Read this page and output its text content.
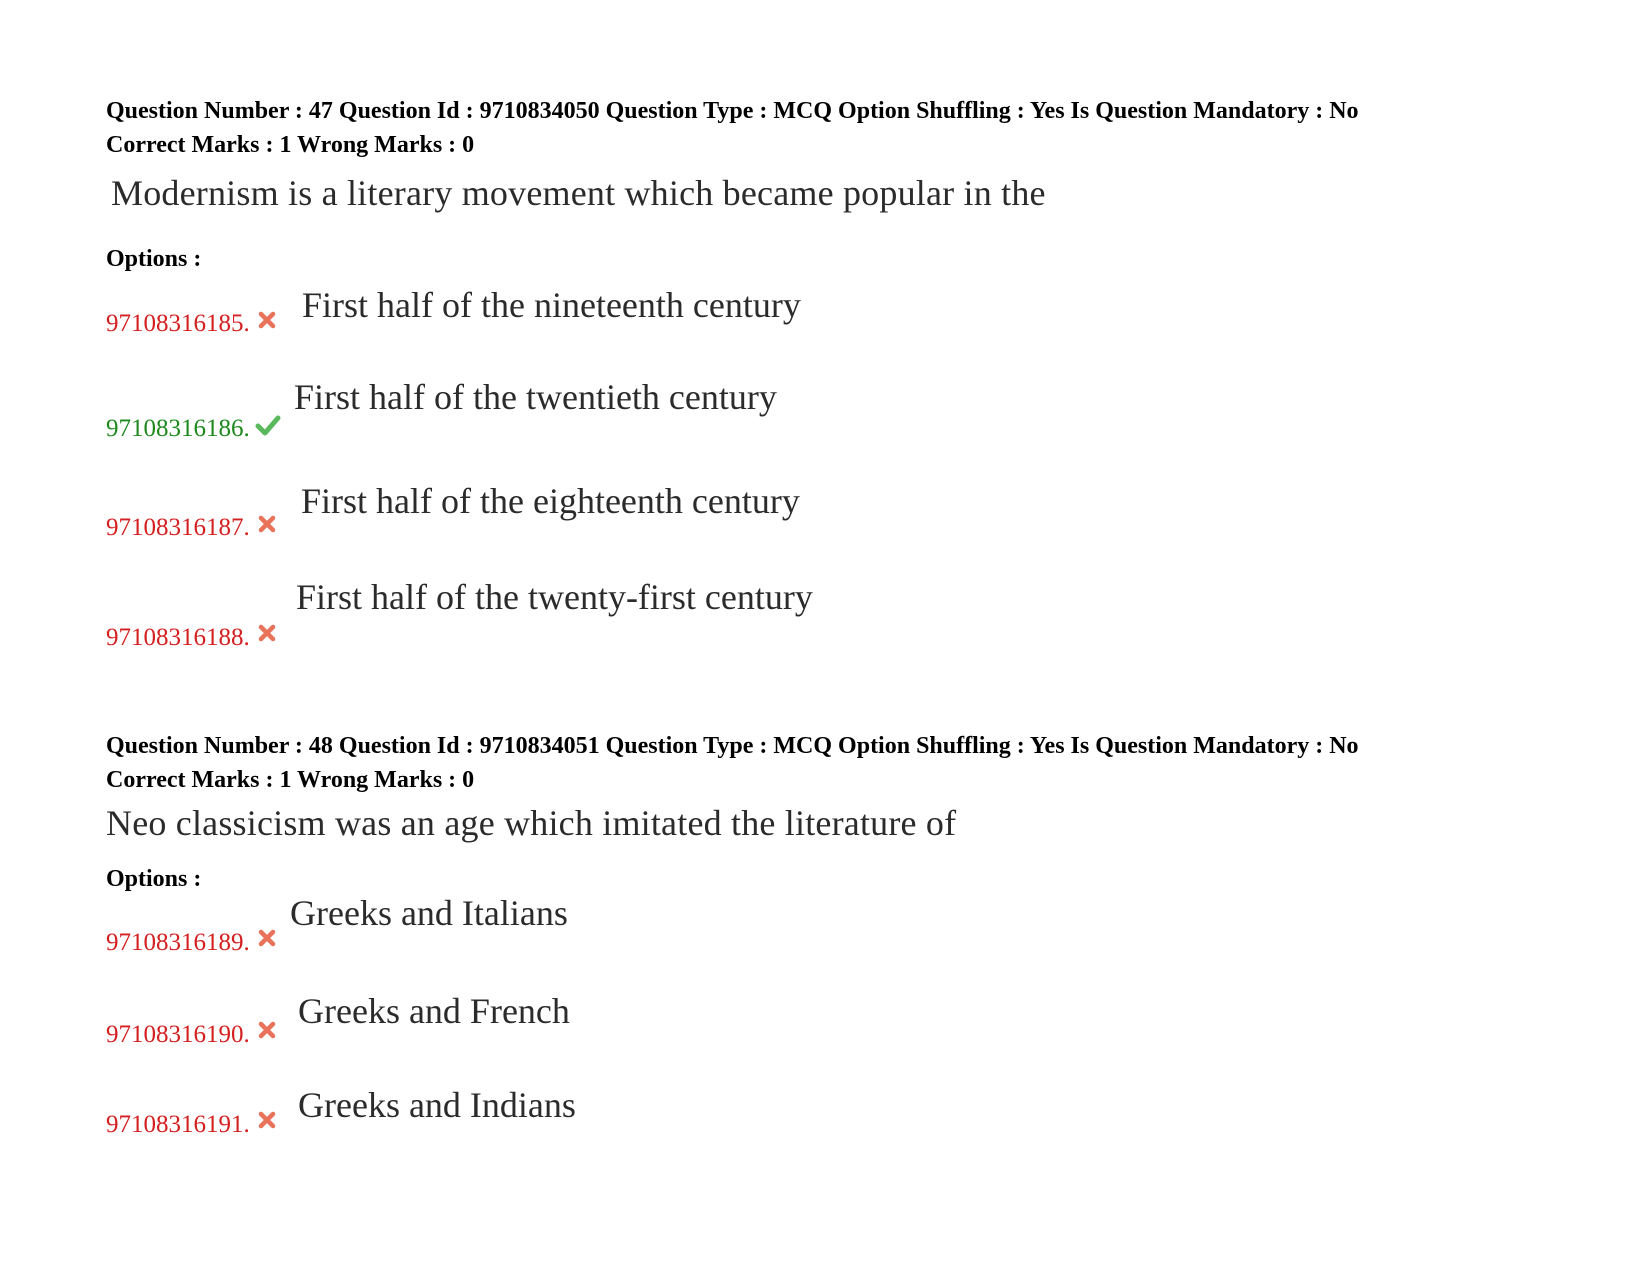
Question Number : 47 Question Id : 9710834050 Question Type : MCQ Option Shuffling : Yes Is Question Mandatory : No
Correct Marks : 1 Wrong Marks : 0
Modernism is a literary movement which became popular in the
Options :
97108316185. First half of the nineteenth century
97108316186.
First half of the twentieth century
97108316187.
First half of the eighteenth century
97108316188.
First half of the twenty-first century
Question Number : 48 Question Id : 9710834051 Question Type : MCQ Option Shuffling : Yes Is Question Mandatory : No
Correct Marks : 1 Wrong Marks : 0
Neo classicism was an age which imitated the literature of
Options :
97108316189.
Greeks and Italians
97108316190.
Greeks and French
97108316191. Greeks and Indians
